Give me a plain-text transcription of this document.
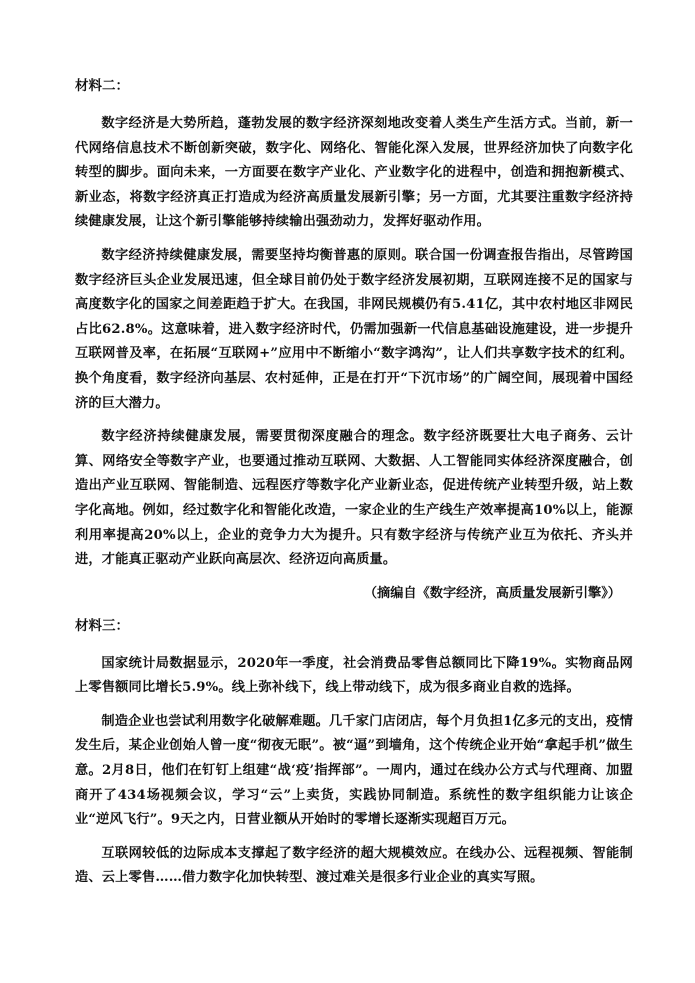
材料二：

数字经济是大势所趋，蓬勃发展的数字经济深刻地改变着人类生产生活方式。当前，新一代网络信息技术不断创新突破，数字化、网络化、智能化深入发展，世界经济加快了向数字化转型的脚步。面向未来，一方面要在数字产业化、产业数字化的进程中，创造和拥抱新模式、新业态，将数字经济真正打造成为经济高质量发展新引擎；另一方面，尤其要注重数字经济持续健康发展，让这个新引擎能够持续输出强劲动力，发挥好驱动作用。

数字经济持续健康发展，需要坚持均衡普惠的原则。联合国一份调查报告指出，尽管跨国数字经济巨头企业发展迅速，但全球目前仍处于数字经济发展初期，互联网连接不足的国家与高度数字化的国家之间差距趋于扩大。在我国，非网民规模仍有5.41亿，其中农村地区非网民占比62.8%。这意味着，进入数字经济时代，仍需加强新一代信息基础设施建设，进一步提升互联网普及率，在拓展“互联网+”应用中不断缩小“数字鸿沟”，让人们共享数字技术的红利。换个角度看，数字经济向基层、农村延伸，正是在打开“下沉市场”的广阔空间，展现着中国经济的巨大潜力。

数字经济持续健康发展，需要贯彻深度融合的理念。数字经济既要壮大电子商务、云计算、网络安全等数字产业，也要通过推动互联网、大数据、人工智能同实体经济深度融合，创造出产业互联网、智能制造、远程医疗等数字化产业新业态，促进传统产业转型升级，站上数字化高地。例如，经过数字化和智能化改造，一家企业的生产线生产效率提高10%以上，能源利用率提高20%以上，企业的竞争力大为提升。只有数字经济与传统产业互为依托、齐头并进，才能真正驱动产业跃向高层次、经济迈向高质量。

（摘编自《数字经济，高质量发展新引擎》）
材料三：

国家统计局数据显示，2020年一季度，社会消费品零售总额同比下降19%。实物商品网上零售额同比增长5.9%。线上弥补线下，线上带动线下，成为很多商业自救的选择。

制造企业也尝试利用数字化破解难题。几千家门店闭店，每个月负担1亿多元的支出，疫情发生后，某企业创始人曾一度“彻夜无眠”。被“逼”到墙角，这个传统企业开始“拿起手机”做生意。2月8日，他们在钉钉上组建“战‘疫’指挥部”。一周内，通过在线办公方式与代理商、加盟商开了434场视频会议，学习“云”上卖货，实践协同制造。系统性的数字组织能力让该企业“逆风飞行”。9天之内，日营业额从开始时的零增长逐渐实现超百万元。

互联网较低的边际成本支撑起了数字经济的超大规模效应。在线办公、远程视频、智能制造、云上零售……借力数字化加快转型、渡过难关是很多行业企业的真实写照。
